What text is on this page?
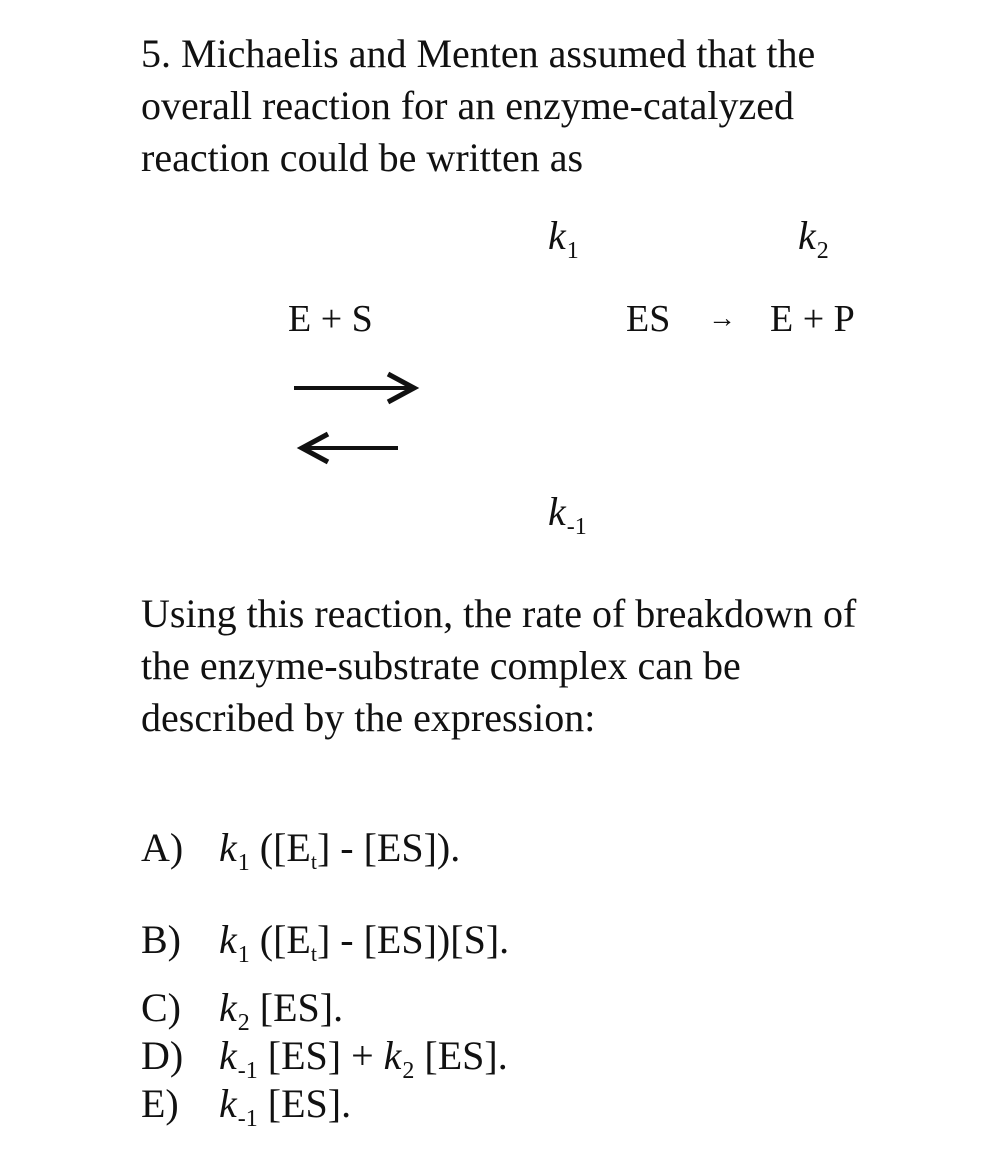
5. Michaelis and Menten assumed that the
overall reaction for an enzyme-catalyzed
reaction could be written as
k1	k2
E + S	ES → E + P
k-1
Using this reaction, the rate of breakdown of
the enzyme-substrate complex can be
described by the expression:
A) $k_1$ $([E_t] - [ES])$.
B) $k_1$ $([E_t] - [ES])[S]$.
C) $k_2$ [ES].
D) $k_{-1}$ $[ES] + k_2$ [ES].
E) $k_{-1}$ [ES].
